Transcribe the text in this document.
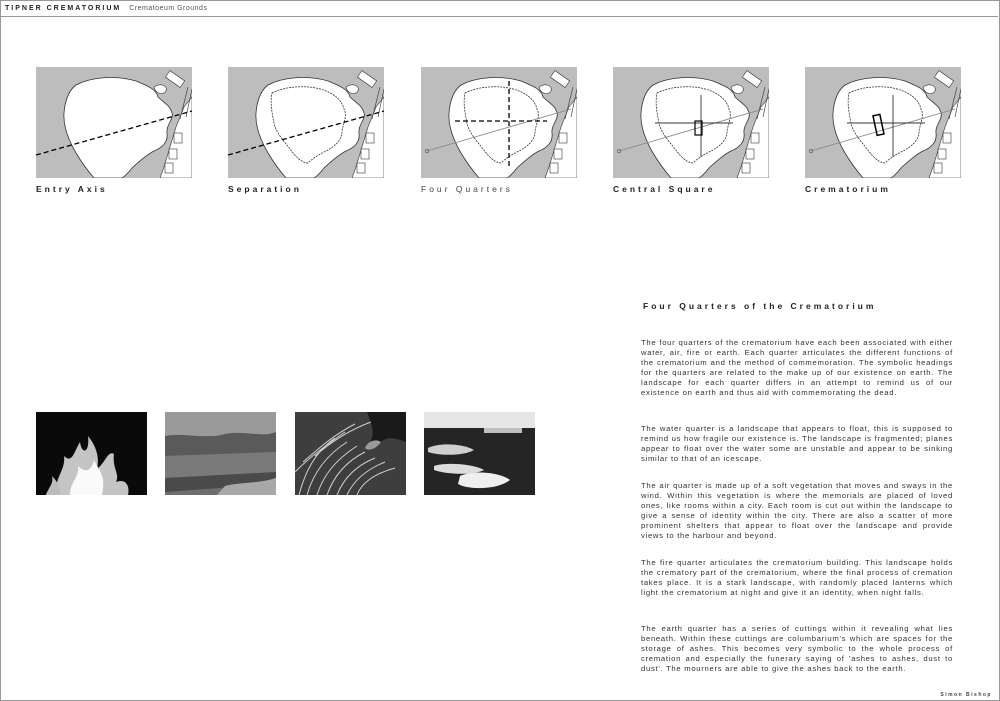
TIPNER CREMATORIUM Crematoeum Grounds
Entry Axis	Separation	Four Quarters	Central Square	Crematorium
Four Quarters of the Crematorium
The four quarters of the crematorium have each been associated with either water, air, fire or earth. Each quarter articulates the different functions of the crematorium and the method of commemoration. The symbolic headings for the quarters are related to the make up of our existence on earth. The landscape for each quarter differs in an attempt to remind us of our existence on earth and thus aid with commemorating the dead.
The water quarter is a landscape that appears to float, this is supposed to remind us how fragile our existence is. The landscape is fragmented; planes appear to float over the water some are unstable and appear to be sinking similar to that of an icescape.
The air quarter is made up of a soft vegetation that moves and sways in the wind. Within this vegetation is where the memorials are placed of loved ones, like rooms within a city. Each room is cut out within the landscape to give a sense of identity within the city. There are also a scatter of more prominent shelters that appear to float over the landscape and provide views to the harbour and beyond.
The fire quarter articulates the crematorium building. This landscape holds the crematory part of the crematorium, where the final process of cremation takes place. It is a stark landscape, with randomly placed lanterns which light the crematorium at night and give it an identity, when night falls.
The earth quarter has a series of cuttings within it revealing what lies beneath. Within these cuttings are columbarium's which are spaces for the storage of ashes. This becomes very symbolic to the whole process of cremation and especially the funerary saying of 'ashes to ashes, dust to dust'. The mourners are able to give the ashes back to the earth.
Simon Bishop
